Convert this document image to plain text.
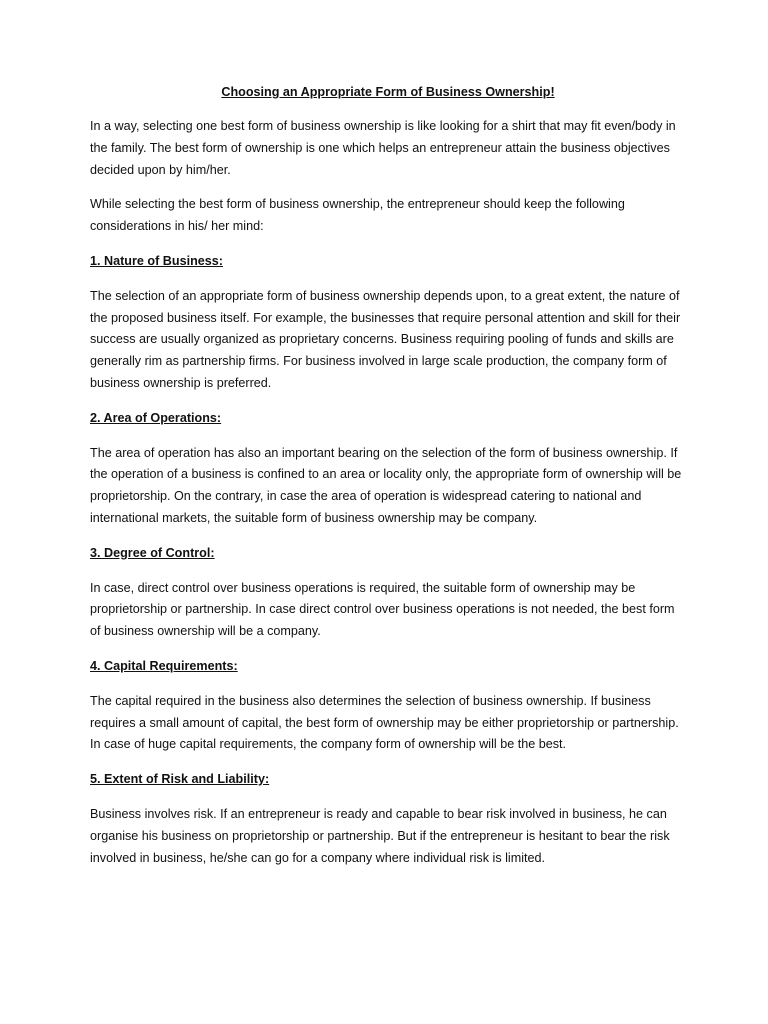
Choosing an Appropriate Form of Business Ownership!

In a way, selecting one best form of business ownership is like looking for a shirt that may fit even/body in the family. The best form of ownership is one which helps an entrepreneur attain the business objectives decided upon by him/her.

While selecting the best form of business ownership, the entrepreneur should keep the following considerations in his/ her mind:

1. Nature of Business:

The selection of an appropriate form of business ownership depends upon, to a great extent, the nature of the proposed business itself. For example, the businesses that require personal attention and skill for their success are usually organized as proprietary concerns. Business requiring pooling of funds and skills are generally rim as partnership firms. For business involved in large scale production, the company form of business ownership is preferred.

2. Area of Operations:

The area of operation has also an important bearing on the selection of the form of business ownership. If the operation of a business is confined to an area or locality only, the appropriate form of ownership will be proprietorship. On the contrary, in case the area of operation is widespread catering to national and international markets, the suitable form of business ownership may be company.

3. Degree of Control:

In case, direct control over business operations is required, the suitable form of ownership may be proprietorship or partnership. In case direct control over business operations is not needed, the best form of business ownership will be a company.

4. Capital Requirements:

The capital required in the business also determines the selection of business ownership. If business requires a small amount of capital, the best form of ownership may be either proprietorship or partnership. In case of huge capital requirements, the company form of ownership will be the best.

5. Extent of Risk and Liability:

Business involves risk. If an entrepreneur is ready and capable to bear risk involved in business, he can organise his business on proprietorship or partnership. But if the entrepreneur is hesitant to bear the risk involved in business, he/she can go for a company where individual risk is limited.
